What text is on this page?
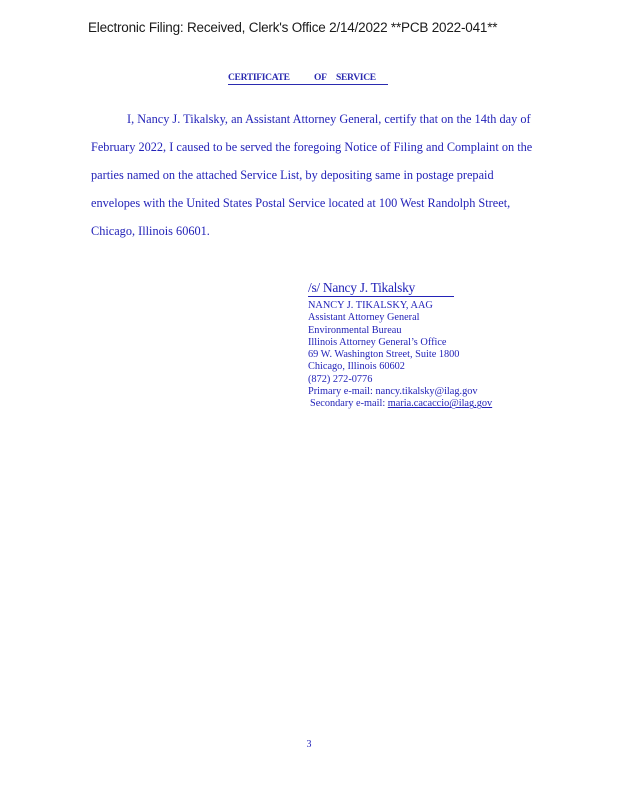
Electronic Filing: Received, Clerk's Office 2/14/2022 **PCB 2022-041**
CERTIFICATE	OF SERVICE
I, Nancy J. Tikalsky, an Assistant Attorney General, certify that on the 14th day of
February 2022, I caused to be served the foregoing Notice of Filing and Complaint on the
parties named on the attached Service List, by depositing same in postage prepaid
envelopes with the United States Postal Service located at 100 West Randolph Street,
Chicago, Illinois 60601.
/s/ Nancy J. Tikalsky
NANCY J. TIKALSKY, AAG
Assistant Attorney General
Environmental Bureau
Illinois Attorney General’s Office
69 W. Washington Street, Suite 1800
Chicago, Illinois 60602
(872) 272-0776
Primary e-mail: nancy.tikalsky@ilag.gov
Secondary e-mail: maria.cacaccio@ilag.gov
3
